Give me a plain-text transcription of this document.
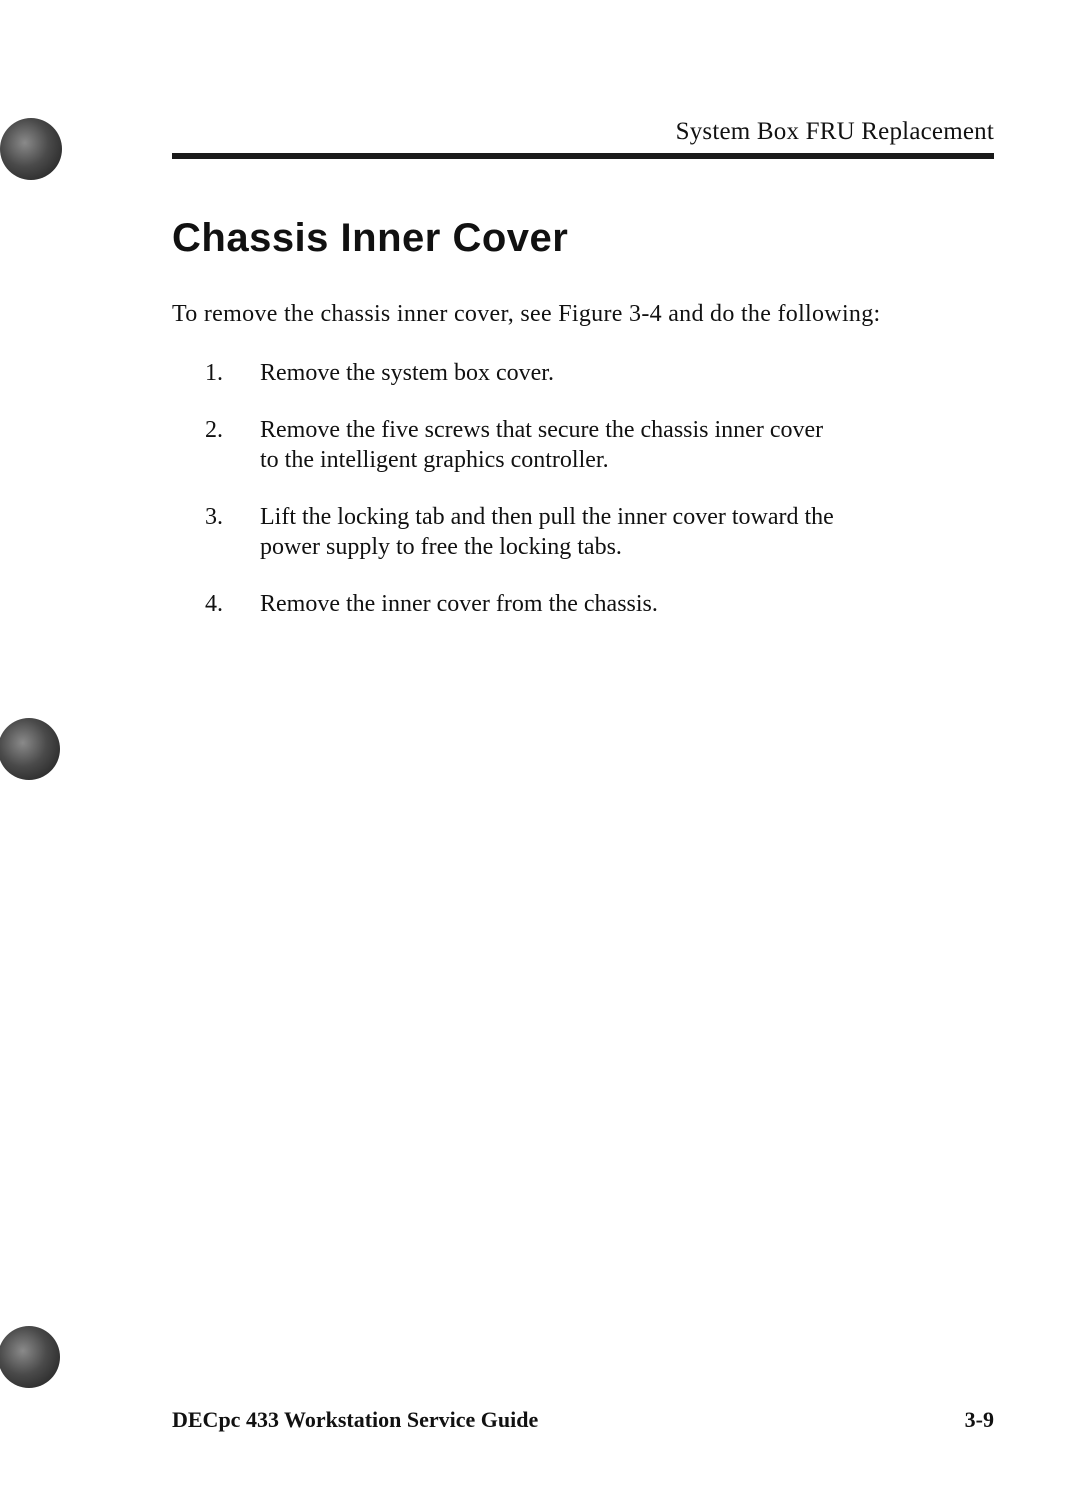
System Box FRU Replacement
Chassis Inner Cover

To remove the chassis inner cover, see Figure 3-4 and do the following:

1.	Remove the system box cover.
2.	Remove the five screws that secure the chassis inner cover to the intelligent graphics controller.
3.	Lift the locking tab and then pull the inner cover toward the power supply to free the locking tabs.
4.	Remove the inner cover from the chassis.
DECpc 433 Workstation Service Guide	3-9
